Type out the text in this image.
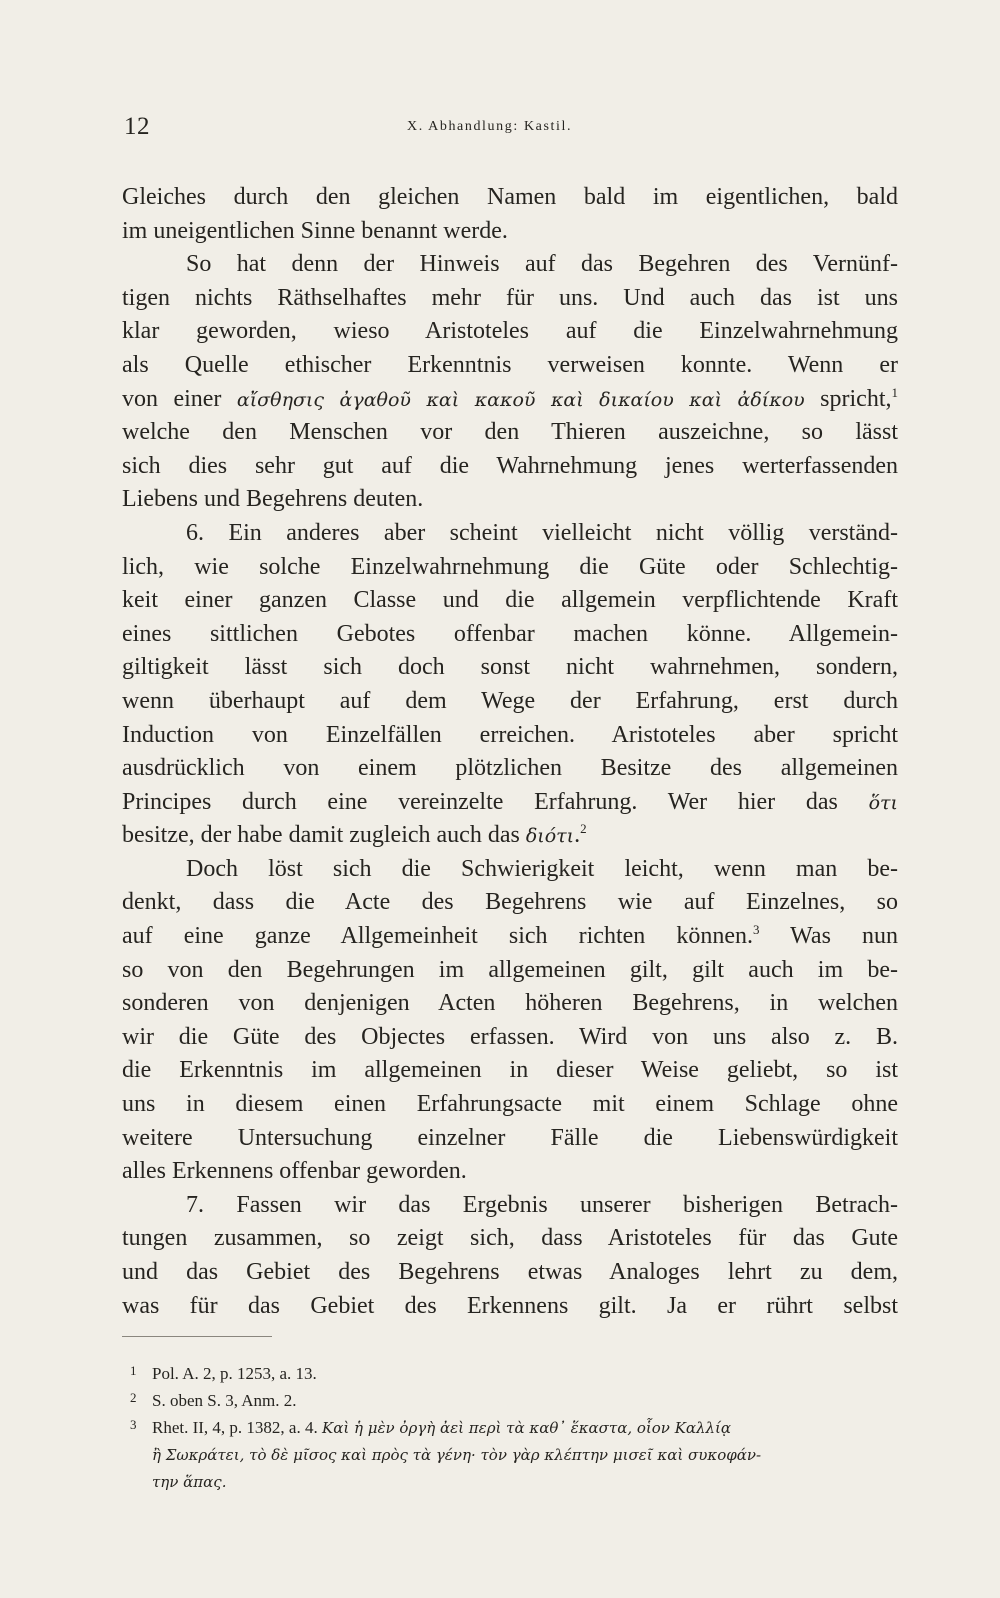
12	X. Abhandlung: Kastil.
Gleiches durch den gleichen Namen bald im eigentlichen, bald
im uneigentlichen Sinne benannt werde.
So hat denn der Hinweis auf das Begehren des Vernünf-
tigen nichts Räthselhaftes mehr für uns. Und auch das ist uns
klar geworden, wieso Aristoteles auf die Einzelwahrnehmung
als Quelle ethischer Erkenntnis verweisen konnte. Wenn er
von einer αἴσθησις ἀγαθοῦ καὶ κακοῦ καὶ δικαίου καὶ ἀδίκου spricht,$^1$
welche den Menschen vor den Thieren auszeichne, so lässt
sich dies sehr gut auf die Wahrnehmung jenes werterfassenden
Liebens und Begehrens deuten.
6. Ein anderes aber scheint vielleicht nicht völlig verständ-
lich, wie solche Einzelwahrnehmung die Güte oder Schlechtig-
keit einer ganzen Classe und die allgemein verpflichtende Kraft
eines sittlichen Gebotes offenbar machen könne. Allgemein-
giltigkeit lässt sich doch sonst nicht wahrnehmen, sondern,
wenn überhaupt auf dem Wege der Erfahrung, erst durch
Induction von Einzelfällen erreichen. Aristoteles aber spricht
ausdrücklich von einem plötzlichen Besitze des allgemeinen
Principes durch eine vereinzelte Erfahrung. Wer hier das ὅτι
besitze, der habe damit zugleich auch das διότι.$^2$
Doch löst sich die Schwierigkeit leicht, wenn man be-
denkt, dass die Acte des Begehrens wie auf Einzelnes, so
auf eine ganze Allgemeinheit sich richten können.$^3$ Was nun
so von den Begehrungen im allgemeinen gilt, gilt auch im be-
sonderen von denjenigen Acten höheren Begehrens, in welchen
wir die Güte des Objectes erfassen. Wird von uns also z. B.
die Erkenntnis im allgemeinen in dieser Weise geliebt, so ist
uns in diesem einen Erfahrungsacte mit einem Schlage ohne
weitere Untersuchung einzelner Fälle die Liebenswürdigkeit
alles Erkennens offenbar geworden.
7. Fassen wir das Ergebnis unserer bisherigen Betrach-
tungen zusammen, so zeigt sich, dass Aristoteles für das Gute
und das Gebiet des Begehrens etwas Analoges lehrt zu dem,
was für das Gebiet des Erkennens gilt. Ja er rührt selbst
1 Pol. A. 2, p. 1253, a. 13.
2 S. oben S. 3, Anm. 2.
3 Rhet. II, 4, p. 1382, a. 4. Καὶ ἡ μὲν ὀργὴ ἀεὶ περὶ τὰ καθ᾽ ἕκαστα, οἷον Καλλίᾳ
ἢ Σωκράτει, τὸ δὲ μῖσος καὶ πρὸς τὰ γένη· τὸν γὰρ κλέπτην μισεῖ καὶ συκοφάν-
την ἅπας.
